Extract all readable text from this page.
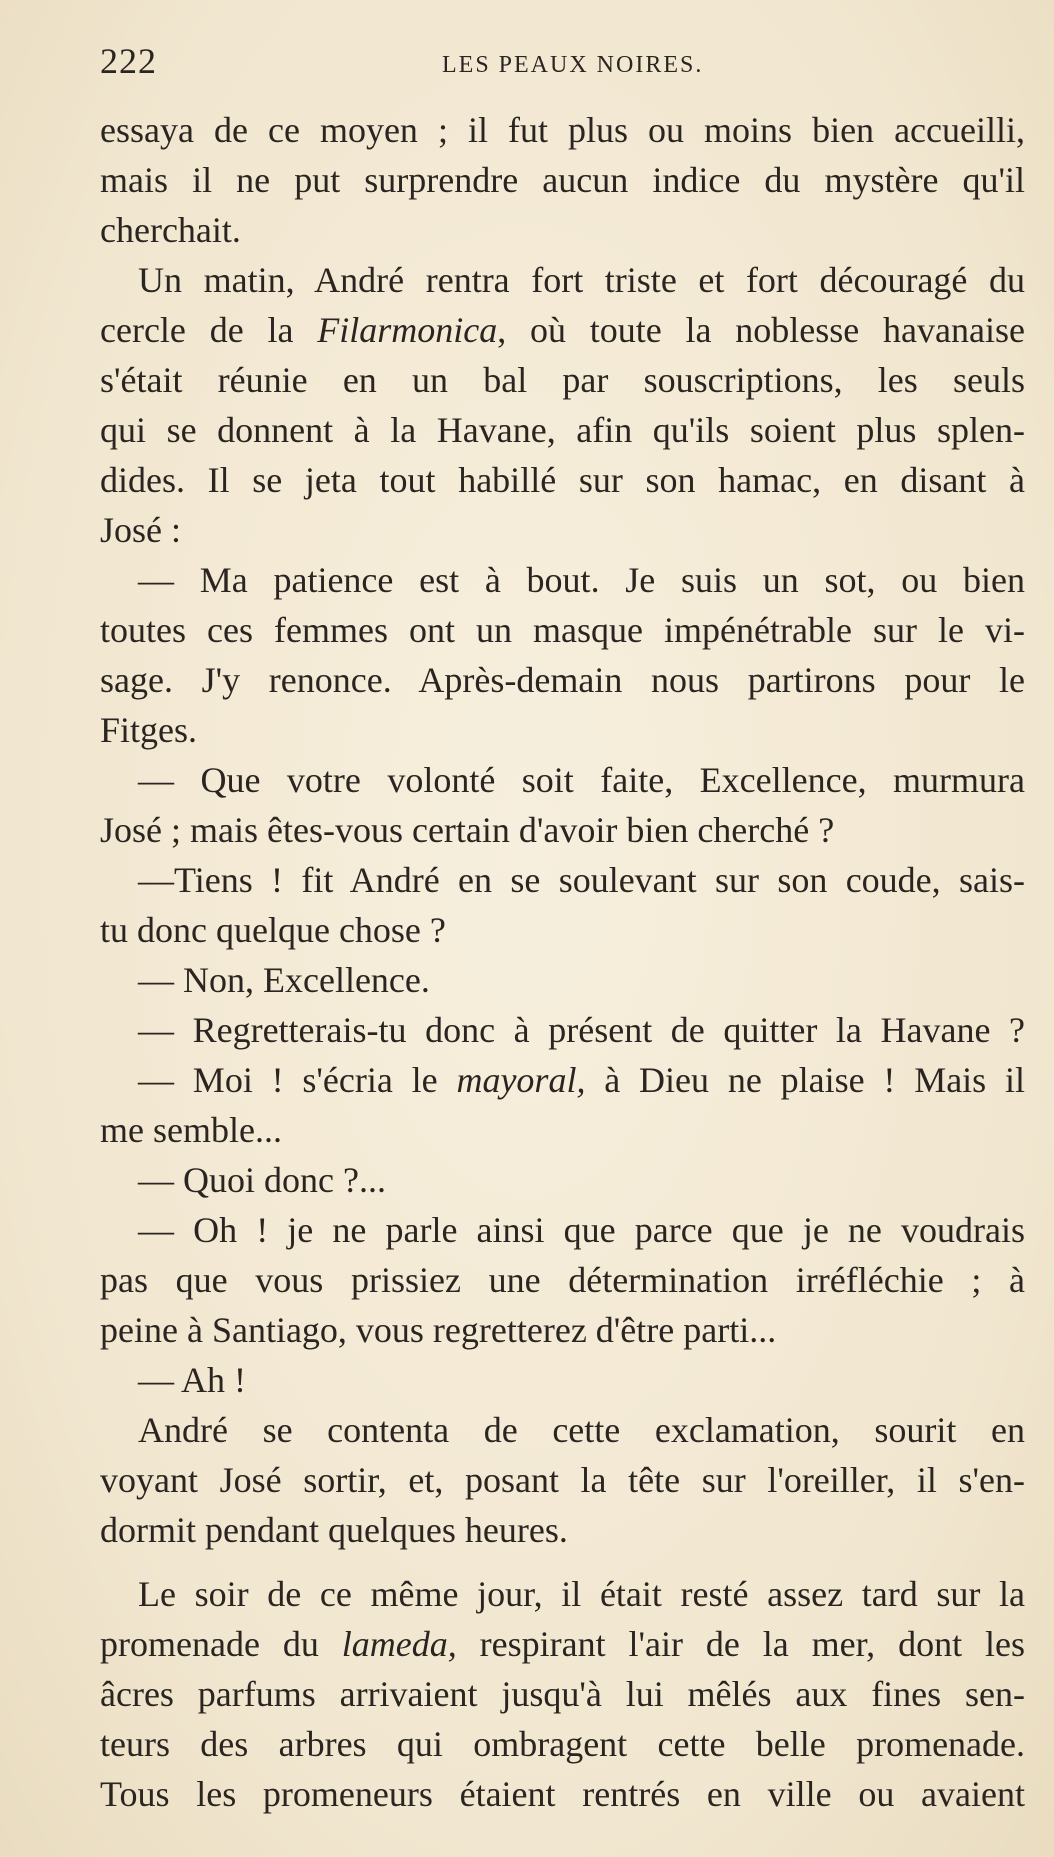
222	LES PEAUX NOIRES.
essaya de ce moyen ; il fut plus ou moins bien accueilli,
mais il ne put surprendre aucun indice du mystère qu'il
cherchait.
Un matin, André rentra fort triste et fort découragé du
cercle de la Filarmonica, où toute la noblesse havanaise
s'était réunie en un bal par souscriptions, les seuls
qui se donnent à la Havane, afin qu'ils soient plus splen-
dides. Il se jeta tout habillé sur son hamac, en disant à
José :
— Ma patience est à bout. Je suis un sot, ou bien
toutes ces femmes ont un masque impénétrable sur le vi-
sage. J'y renonce. Après-demain nous partirons pour le
Fitges.
— Que votre volonté soit faite, Excellence, murmura
José ; mais êtes-vous certain d'avoir bien cherché ?
—Tiens ! fit André en se soulevant sur son coude, sais-
tu donc quelque chose ?
— Non, Excellence.
— Regretterais-tu donc à présent de quitter la Havane ?
— Moi ! s'écria le mayoral, à Dieu ne plaise ! Mais il
me semble...
— Quoi donc ?...
— Oh ! je ne parle ainsi que parce que je ne voudrais
pas que vous prissiez une détermination irréfléchie ; à
peine à Santiago, vous regretterez d'être parti...
— Ah !
André se contenta de cette exclamation, sourit en
voyant José sortir, et, posant la tête sur l'oreiller, il s'en-
dormit pendant quelques heures.
Le soir de ce même jour, il était resté assez tard sur la
promenade du lameda, respirant l'air de la mer, dont les
âcres parfums arrivaient jusqu'à lui mêlés aux fines sen-
teurs des arbres qui ombragent cette belle promenade.
Tous les promeneurs étaient rentrés en ville ou avaient
